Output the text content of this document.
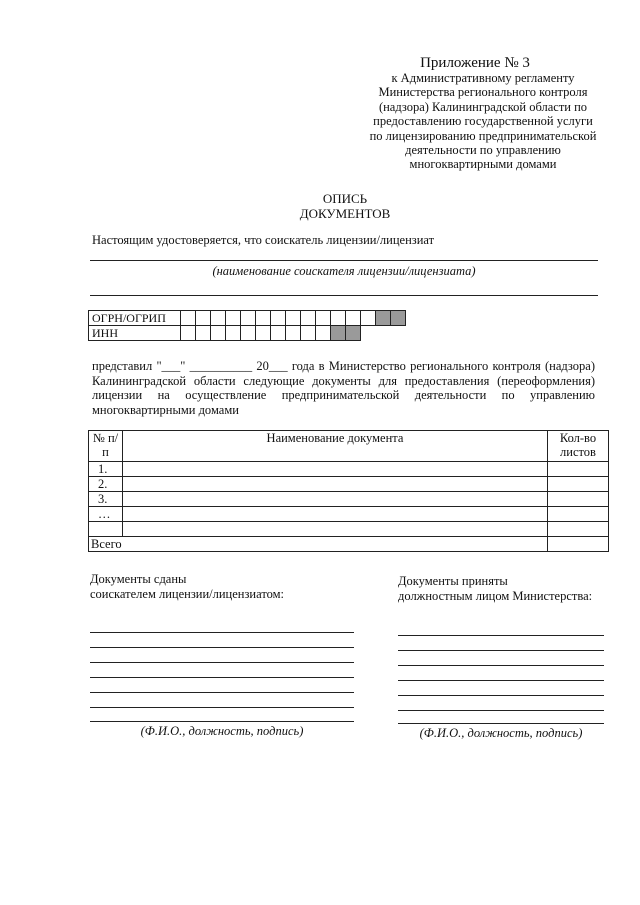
Приложение № 3
к Административному регламенту
Министерства регионального контроля
(надзора) Калининградской области по
предоставлению государственной услуги
по лицензированию предпринимательской
деятельности по управлению
многоквартирными домами
ОПИСЬ
ДОКУМЕНТОВ
Настоящим удостоверяется, что соискатель лицензии/лицензиат
(наименование соискателя лицензии/лицензиата)
ОГРН/ОГРИП															
ИНН															
представил "___" __________ 20___ года в Министерство регионального контроля (надзора) Калининградской области следующие документы для предоставления (переоформления) лицензии на осуществление предпринимательской деятельности по управлению многоквартирными домами
№ п/п	Наименование документа	Кол-во листов
1.		
2.		
3.		
…		

Всего		
Документы сданы
соискателем лицензии/лицензиатом:
(Ф.И.О., должность, подпись)
Документы приняты
должностным лицом Министерства:
(Ф.И.О., должность, подпись)
